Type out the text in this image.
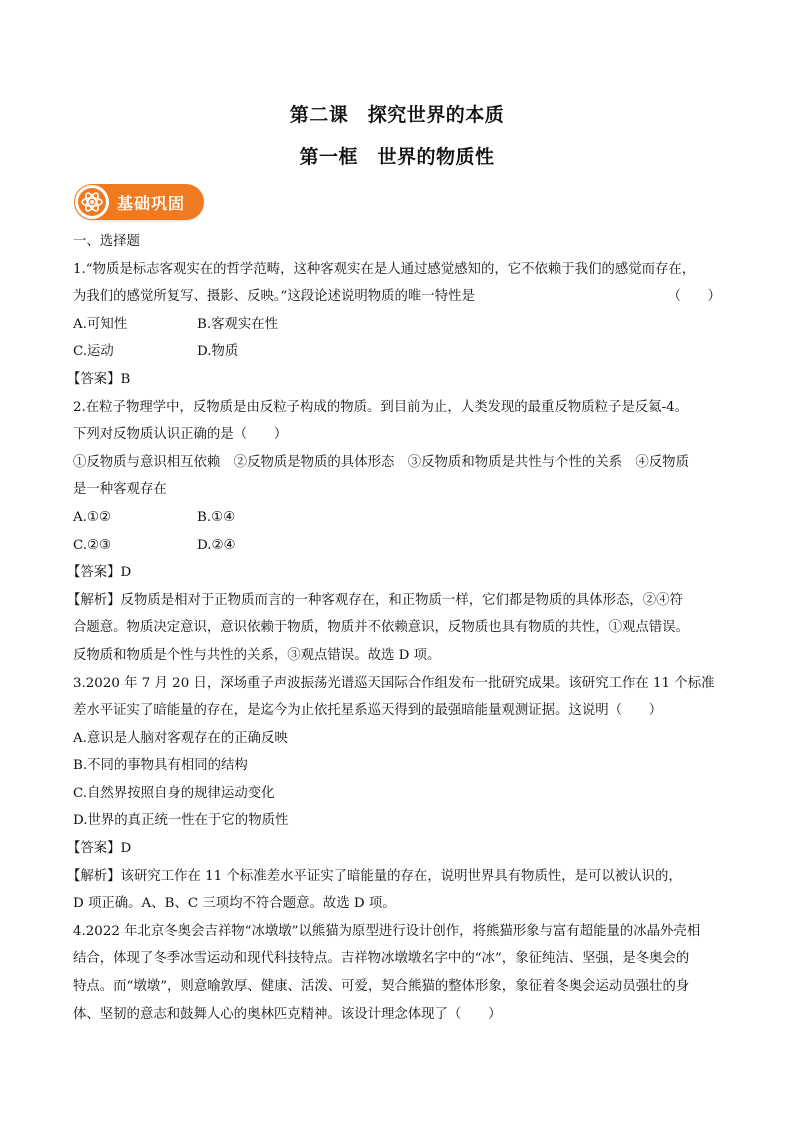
第二课　探究世界的本质
第一框　世界的物质性
基础巩固

一、选择题

1.“物质是标志客观实在的哲学范畴，这种客观实在是人通过感觉感知的，它不依赖于我们的感觉而存在，

为我们的感觉所复写、摄影、反映。”这段论述说明物质的唯一特性是	（　　）

A.可知性	B.客观实在性
C.运动	D.物质

【答案】B

2.在粒子物理学中，反物质是由反粒子构成的物质。到目前为止，人类发现的最重反物质粒子是反氦-4。

下列对反物质认识正确的是（　　）

①反物质与意识相互依赖　②反物质是物质的具体形态　③反物质和物质是共性与个性的关系　④反物质

是一种客观存在

A.①②	B.①④
C.②③	D.②④

【答案】D

【解析】反物质是相对于正物质而言的一种客观存在，和正物质一样，它们都是物质的具体形态，②④符

合题意。物质决定意识，意识依赖于物质，物质并不依赖意识，反物质也具有物质的共性，①观点错误。

反物质和物质是个性与共性的关系，③观点错误。故选 D 项。

3.2020 年 7 月 20 日，深场重子声波振荡光谱巡天国际合作组发布一批研究成果。该研究工作在 11 个标准

差水平证实了暗能量的存在，是迄今为止依托星系巡天得到的最强暗能量观测证据。这说明（　　）

A.意识是人脑对客观存在的正确反映

B.不同的事物具有相同的结构

C.自然界按照自身的规律运动变化

D.世界的真正统一性在于它的物质性

【答案】D

【解析】该研究工作在 11 个标准差水平证实了暗能量的存在，说明世界具有物质性，是可以被认识的，

D 项正确。A、B、C 三项均不符合题意。故选 D 项。

4.2022 年北京冬奥会吉祥物“冰墩墩”以熊猫为原型进行设计创作，将熊猫形象与富有超能量的冰晶外壳相

结合，体现了冬季冰雪运动和现代科技特点。吉祥物冰墩墩名字中的“冰”，象征纯洁、坚强，是冬奥会的

特点。而“墩墩”，则意喻敦厚、健康、活泼、可爱，契合熊猫的整体形象，象征着冬奥会运动员强壮的身

体、坚韧的意志和鼓舞人心的奥林匹克精神。该设计理念体现了（　　）
